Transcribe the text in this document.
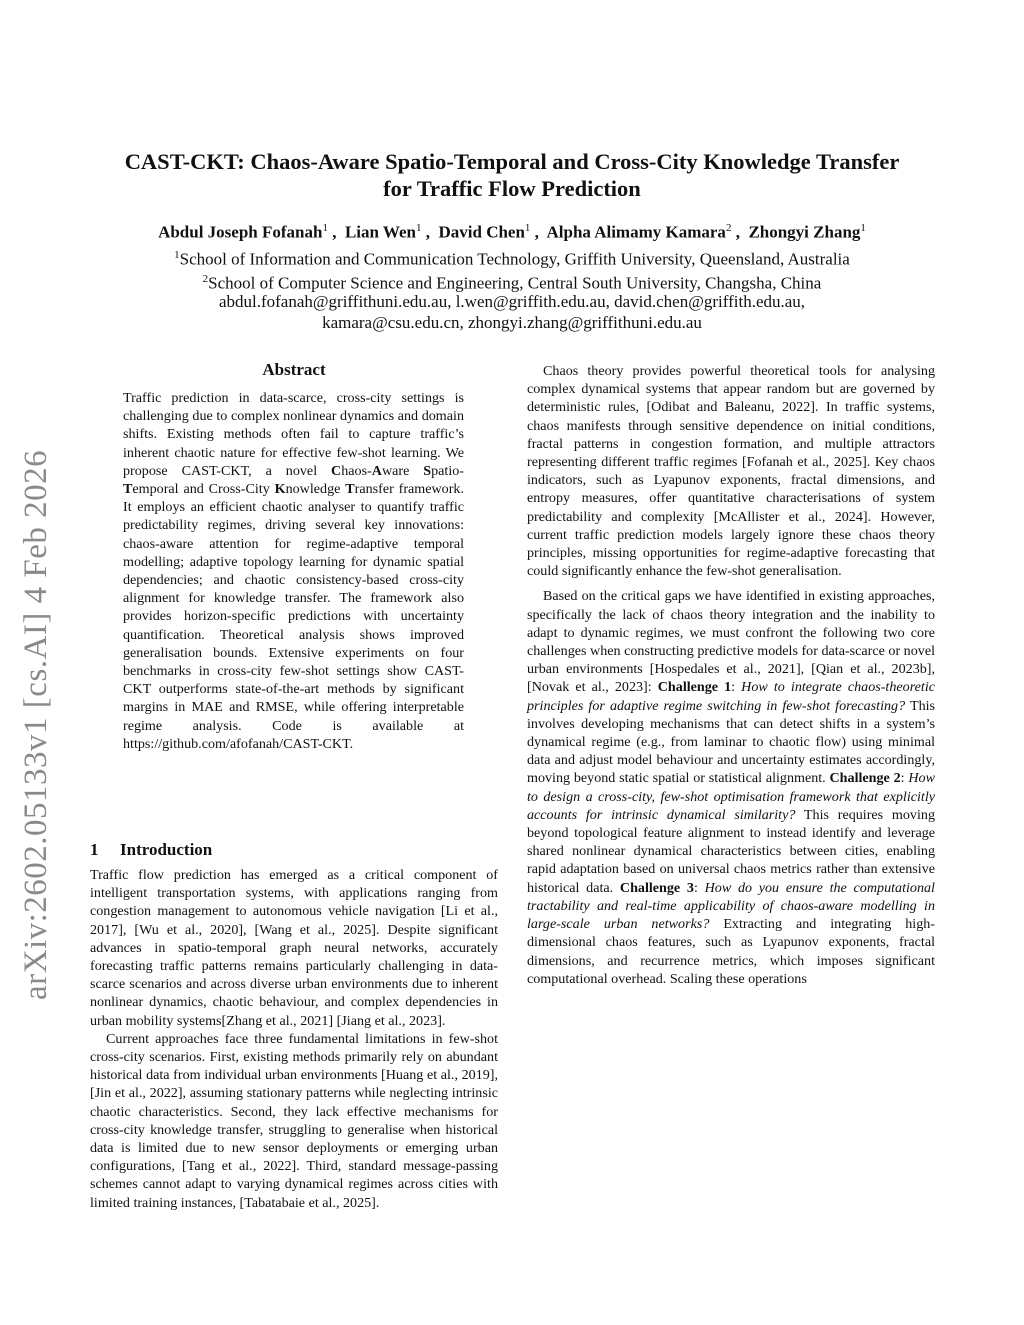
arXiv:2602.05133v1 [cs.AI] 4 Feb 2026
CAST-CKT: Chaos-Aware Spatio-Temporal and Cross-City Knowledge Transfer
for Traffic Flow Prediction
Abdul Joseph Fofanah$^1$ ,  Lian Wen$^1$ ,  David Chen$^1$ ,  Alpha Alimamy Kamara$^2$ ,  Zhongyi Zhang$^1$
$^1$School of Information and Communication Technology, Griffith University, Queensland, Australia
$^2$School of Computer Science and Engineering, Central South University, Changsha, China
abdul.fofanah@griffithuni.edu.au, l.wen@griffith.edu.au, david.chen@griffith.edu.au,
kamara@csu.edu.cn, zhongyi.zhang@griffithuni.edu.au
Abstract
Traffic prediction in data-scarce, cross-city settings is challenging due to complex nonlinear dynamics and domain shifts. Existing methods often fail to capture traffic’s inherent chaotic nature for effective few-shot learning. We propose CAST-CKT, a novel Chaos-Aware Spatio-Temporal and Cross-City Knowledge Transfer framework. It employs an efficient chaotic analyser to quantify traffic predictability regimes, driving several key innovations: chaos-aware attention for regime-adaptive temporal modelling; adaptive topology learning for dynamic spatial dependencies; and chaotic consistency-based cross-city alignment for knowledge transfer. The framework also provides horizon-specific predictions with uncertainty quantification. Theoretical analysis shows improved generalisation bounds. Extensive experiments on four benchmarks in cross-city few-shot settings show CAST-CKT outperforms state-of-the-art methods by significant margins in MAE and RMSE, while offering interpretable regime analysis. Code is available at https://github.com/afofanah/CAST-CKT.
1 Introduction

Traffic flow prediction has emerged as a critical component of intelligent transportation systems, with applications ranging from congestion management to autonomous vehicle navigation [Li et al., 2017], [Wu et al., 2020], [Wang et al., 2025]. Despite significant advances in spatio-temporal graph neural networks, accurately forecasting traffic patterns remains particularly challenging in data-scarce scenarios and across diverse urban environments due to inherent nonlinear dynamics, chaotic behaviour, and complex dependencies in urban mobility systems[Zhang et al., 2021] [Jiang et al., 2023].

Current approaches face three fundamental limitations in few-shot cross-city scenarios. First, existing methods primarily rely on abundant historical data from individual urban environments [Huang et al., 2019], [Jin et al., 2022], assuming stationary patterns while neglecting intrinsic chaotic characteristics. Second, they lack effective mechanisms for cross-city knowledge transfer, struggling to generalise when historical data is limited due to new sensor deployments or emerging urban configurations, [Tang et al., 2022]. Third, standard message-passing schemes cannot adapt to varying dynamical regimes across cities with limited training instances, [Tabatabaie et al., 2025].

Chaos theory provides powerful theoretical tools for analysing complex dynamical systems that appear random but are governed by deterministic rules, [Odibat and Baleanu, 2022]. In traffic systems, chaos manifests through sensitive dependence on initial conditions, fractal patterns in congestion formation, and multiple attractors representing different traffic regimes [Fofanah et al., 2025]. Key chaos indicators, such as Lyapunov exponents, fractal dimensions, and entropy measures, offer quantitative characterisations of system predictability and complexity [McAllister et al., 2024]. However, current traffic prediction models largely ignore these chaos theory principles, missing opportunities for regime-adaptive forecasting that could significantly enhance the few-shot generalisation.

Based on the critical gaps we have identified in existing approaches, specifically the lack of chaos theory integration and the inability to adapt to dynamic regimes, we must confront the following two core challenges when constructing predictive models for data-scarce or novel urban environments [Hospedales et al., 2021], [Qian et al., 2023b], [Novak et al., 2023]: Challenge 1: How to integrate chaos-theoretic principles for adaptive regime switching in few-shot forecasting? This involves developing mechanisms that can detect shifts in a system’s dynamical regime (e.g., from laminar to chaotic flow) using minimal data and adjust model behaviour and uncertainty estimates accordingly, moving beyond static spatial or statistical alignment. Challenge 2: How to design a cross-city, few-shot optimisation framework that explicitly accounts for intrinsic dynamical similarity? This requires moving beyond topological feature alignment to instead identify and leverage shared nonlinear dynamical characteristics between cities, enabling rapid adaptation based on universal chaos metrics rather than extensive historical data. Challenge 3: How do you ensure the computational tractability and real-time applicability of chaos-aware modelling in large-scale urban networks? Extracting and integrating high-dimensional chaos features, such as Lyapunov exponents, fractal dimensions, and recurrence metrics, which imposes significant computational overhead. Scaling these operations
